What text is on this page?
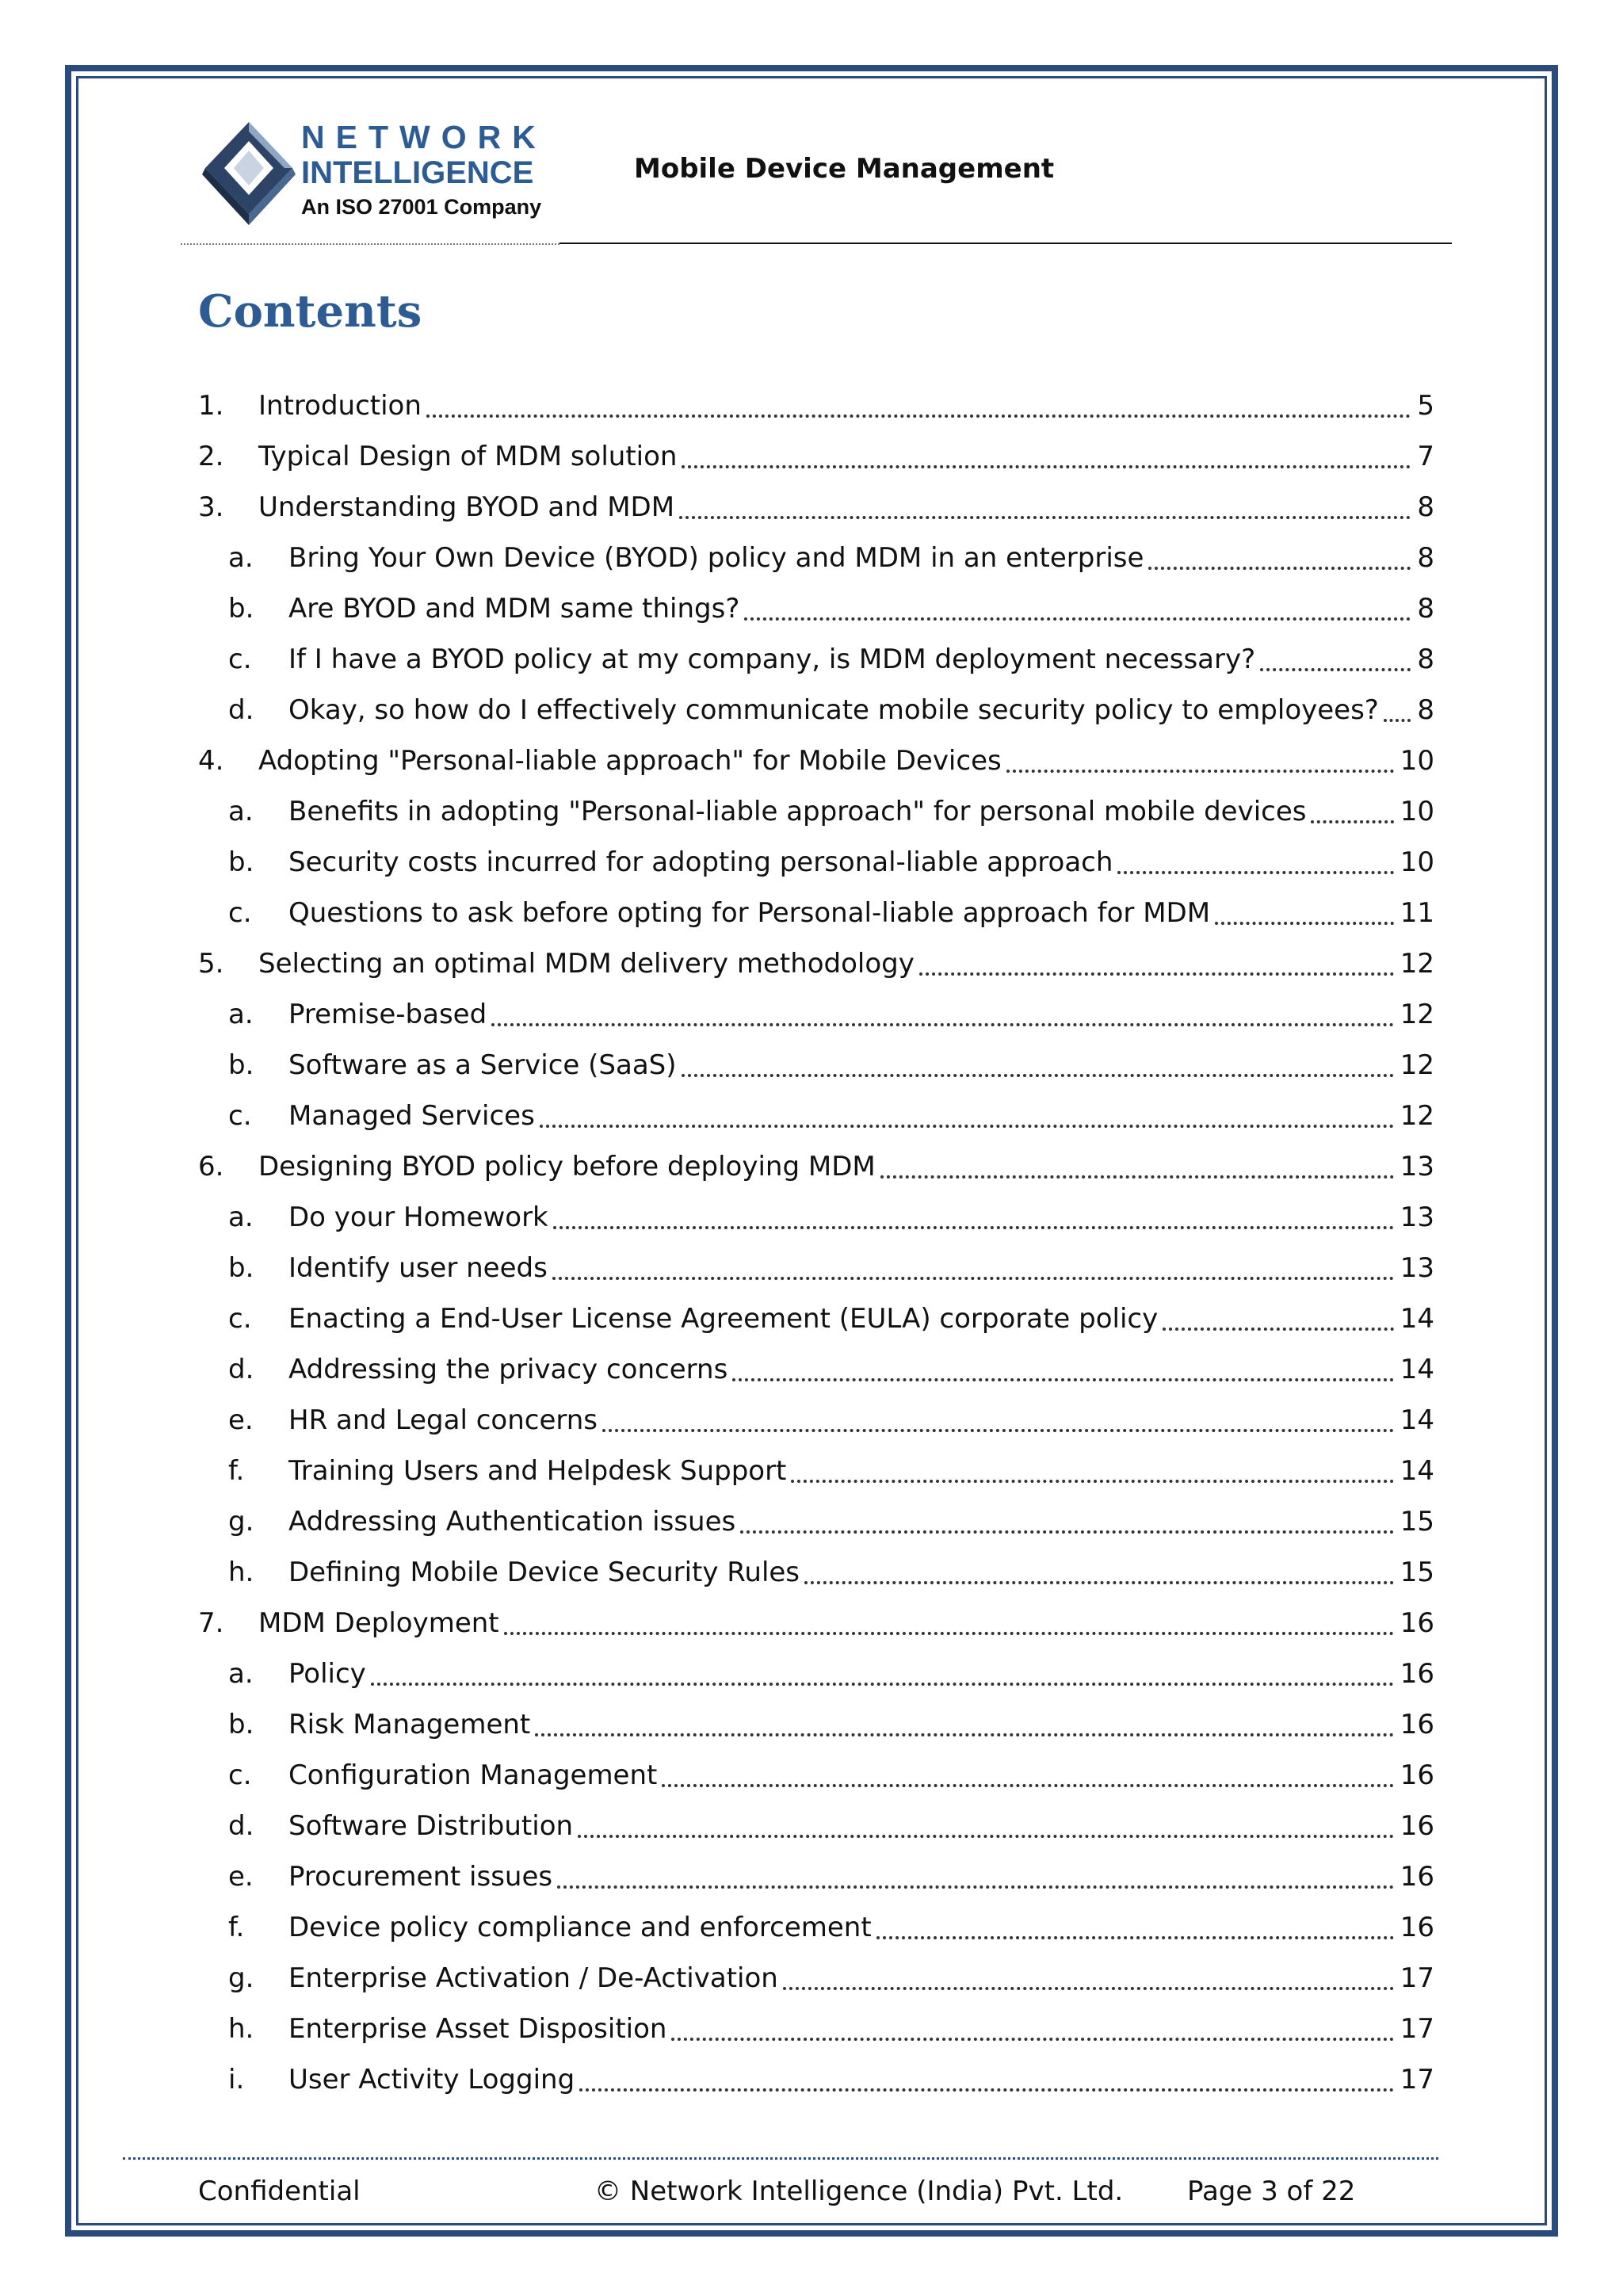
NETWORK
INTELLIGENCE
An ISO 27001 Company
Mobile Device Management
Contents
1.	Introduction	5
2.	Typical Design of MDM solution	7
3.	Understanding BYOD and MDM	8
a.	Bring Your Own Device (BYOD) policy and MDM in an enterprise	8
b.	Are BYOD and MDM same things?	8
c.	If I have a BYOD policy at my company, is MDM deployment necessary?	8
d.	Okay, so how do I effectively communicate mobile security policy to employees? 8
4.	Adopting "Personal-liable approach" for Mobile Devices	10
a.	Benefits in adopting "Personal-liable approach" for personal mobile devices	10
b.	Security costs incurred for adopting personal-liable approach	10
c.	Questions to ask before opting for Personal-liable approach for MDM	11
5.	Selecting an optimal MDM delivery methodology	12
a.	Premise-based	12
b.	Software as a Service (SaaS)	12
c.	Managed Services	12
6.	Designing BYOD policy before deploying MDM	13
a.	Do your Homework	13
b.	Identify user needs	13
c.	Enacting a End-User License Agreement (EULA) corporate policy	14
d.	Addressing the privacy concerns	14
e.	HR and Legal concerns	14
f.	Training Users and Helpdesk Support	14
g.	Addressing Authentication issues	15
h.	Defining Mobile Device Security Rules	15
7.	MDM Deployment	16
a.	Policy	16
b.	Risk Management	16
c.	Configuration Management	16
d.	Software Distribution	16
e.	Procurement issues	16
f.	Device policy compliance and enforcement	16
g.	Enterprise Activation / De-Activation	17
h.	Enterprise Asset Disposition	17
i.	User Activity Logging	17
Confidential	© Network Intelligence (India) Pvt. Ltd. Page 3 of 22
